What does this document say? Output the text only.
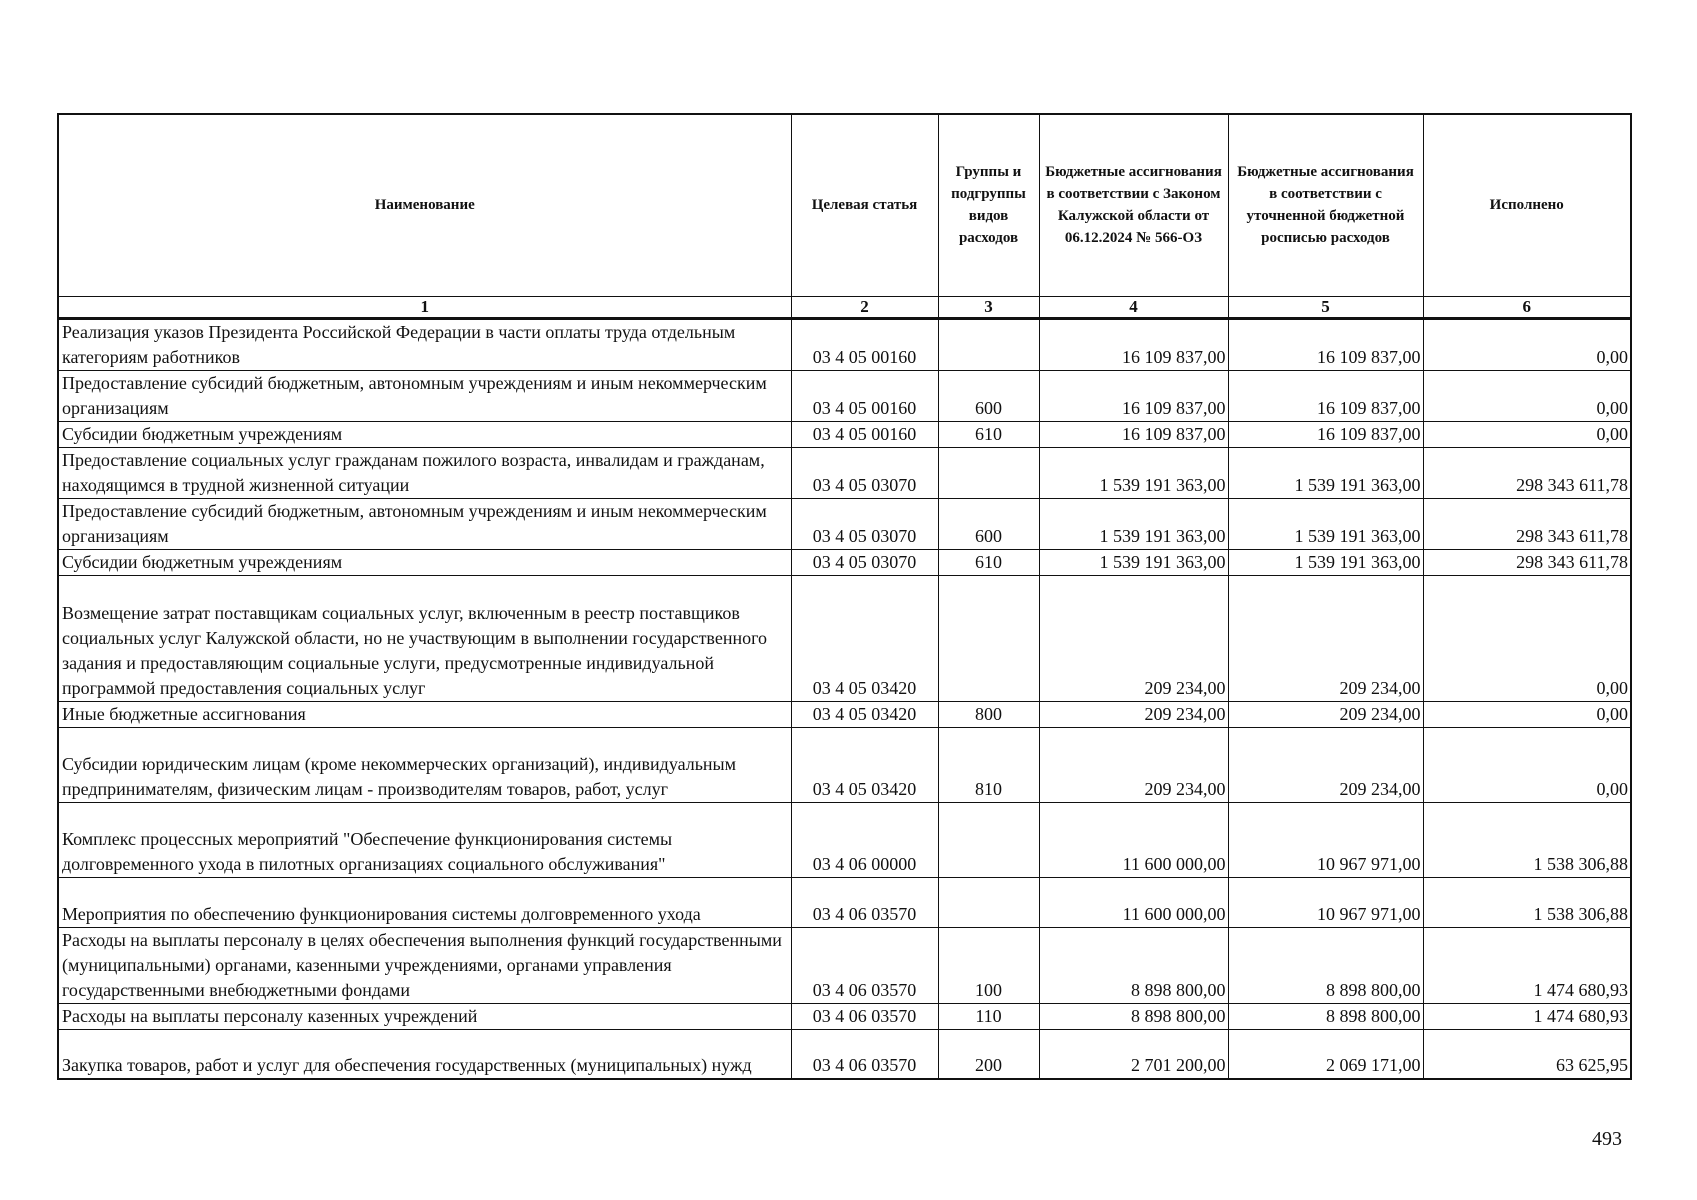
Наименование	Целевая статья	Группы и подгруппы видов расходов	Бюджетные ассигнования в соответствии с Законом Калужской области от 06.12.2024 № 566-ОЗ	Бюджетные ассигнования в соответствии с уточненной бюджетной росписью расходов	Исполнено
1	2	3	4	5	6
Реализация указов Президента Российской Федерации в части оплаты труда отдельным категориям работников	03 4 05 00160		16 109 837,00	16 109 837,00	0,00
Предоставление субсидий бюджетным, автономным учреждениям и иным некоммерческим организациям	03 4 05 00160	600	16 109 837,00	16 109 837,00	0,00
Субсидии бюджетным учреждениям	03 4 05 00160	610	16 109 837,00	16 109 837,00	0,00
Предоставление социальных услуг гражданам пожилого возраста, инвалидам и гражданам, находящимся в трудной жизненной ситуации	03 4 05 03070		1 539 191 363,00	1 539 191 363,00	298 343 611,78
Предоставление субсидий бюджетным, автономным учреждениям и иным некоммерческим организациям	03 4 05 03070	600	1 539 191 363,00	1 539 191 363,00	298 343 611,78
Субсидии бюджетным учреждениям	03 4 05 03070	610	1 539 191 363,00	1 539 191 363,00	298 343 611,78
Возмещение затрат поставщикам социальных услуг, включенным в реестр поставщиков социальных услуг Калужской области, но не участвующим в выполнении государственного задания и предоставляющим социальные услуги, предусмотренные индивидуальной программой предоставления социальных услуг	03 4 05 03420		209 234,00	209 234,00	0,00
Иные бюджетные ассигнования	03 4 05 03420	800	209 234,00	209 234,00	0,00
Субсидии юридическим лицам (кроме некоммерческих организаций), индивидуальным предпринимателям, физическим лицам - производителям товаров, работ, услуг	03 4 05 03420	810	209 234,00	209 234,00	0,00
Комплекс процессных мероприятий "Обеспечение функционирования системы долговременного ухода в пилотных организациях социального обслуживания"	03 4 06 00000		11 600 000,00	10 967 971,00	1 538 306,88
Мероприятия по обеспечению функционирования системы долговременного ухода	03 4 06 03570		11 600 000,00	10 967 971,00	1 538 306,88
Расходы на выплаты персоналу в целях обеспечения выполнения функций государственными (муниципальными) органами, казенными учреждениями, органами управления государственными внебюджетными фондами	03 4 06 03570	100	8 898 800,00	8 898 800,00	1 474 680,93
Расходы на выплаты персоналу казенных учреждений	03 4 06 03570	110	8 898 800,00	8 898 800,00	1 474 680,93
Закупка товаров, работ и услуг для обеспечения государственных (муниципальных) нужд	03 4 06 03570	200	2 701 200,00	2 069 171,00	63 625,95
493
